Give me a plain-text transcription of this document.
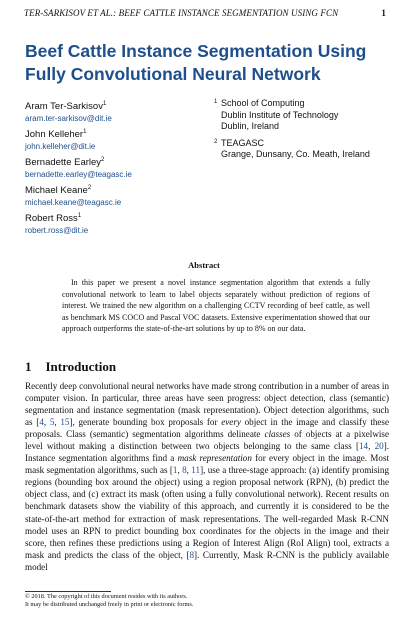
TER-SARKISOV ET AL.: BEEF CATTLE INSTANCE SEGMENTATION USING FCN	1
Beef Cattle Instance Segmentation Using Fully Convolutional Neural Network
Aram Ter-Sarkisov$^1$
aram.ter-sarkisov@dit.ie
John Kelleher$^1$
john.kelleher@dit.ie
Bernadette Earley$^2$
bernadette.earley@teagasc.ie
Michael Keane$^2$
michael.keane@teagasc.ie
Robert Ross$^1$
robert.ross@dit.ie
1 School of Computing
Dublin Institute of Technology
Dublin, Ireland
2 TEAGASC
Grange, Dunsany, Co. Meath, Ireland
Abstract
In this paper we present a novel instance segmentation algorithm that extends a fully convolutional network to learn to label objects separately without prediction of regions of interest. We trained the new algorithm on a challenging CCTV recording of beef cattle, as well as benchmark MS COCO and Pascal VOC datasets. Extensive experimentation showed that our approach outperforms the state-of-the-art solutions by up to 8% on our data.
1 Introduction
Recently deep convolutional neural networks have made strong contribution in a number of areas in computer vision. In particular, three areas have seen progress: object detection, class (semantic) segmentation and instance segmentation (mask representation). Object detection algorithms, such as [4, 5, 15], generate bounding box proposals for every object in the image and classify these proposals. Class (semantic) segmentation algorithms delineate classes of objects at a pixelwise level without making a distinction between two objects belonging to the same class [14, 20]. Instance segmentation algorithms find a mask representation for every object in the image. Most mask segmentation algorithms, such as [1, 8, 11], use a three-stage approach: (a) identify promising regions (bounding box around the object) using a region proposal network (RPN), (b) predict the object class, and (c) extract its mask (often using a fully convolutional network). Recent results on benchmark datasets show the viability of this approach, and currently it is considered to be the state-of-the-art method for extraction of mask representations. The well-regarded Mask R-CNN model uses an RPN to predict bounding box coordinates for the objects in the image and their score, then refines these predictions using a Region of Interest Align (RoI Align) tool, extracts a mask and predicts the class of the object, [8]. Currently, Mask R-CNN is the publicly available model
© 2018. The copyright of this document resides with its authors.
It may be distributed unchanged freely in print or electronic forms.
